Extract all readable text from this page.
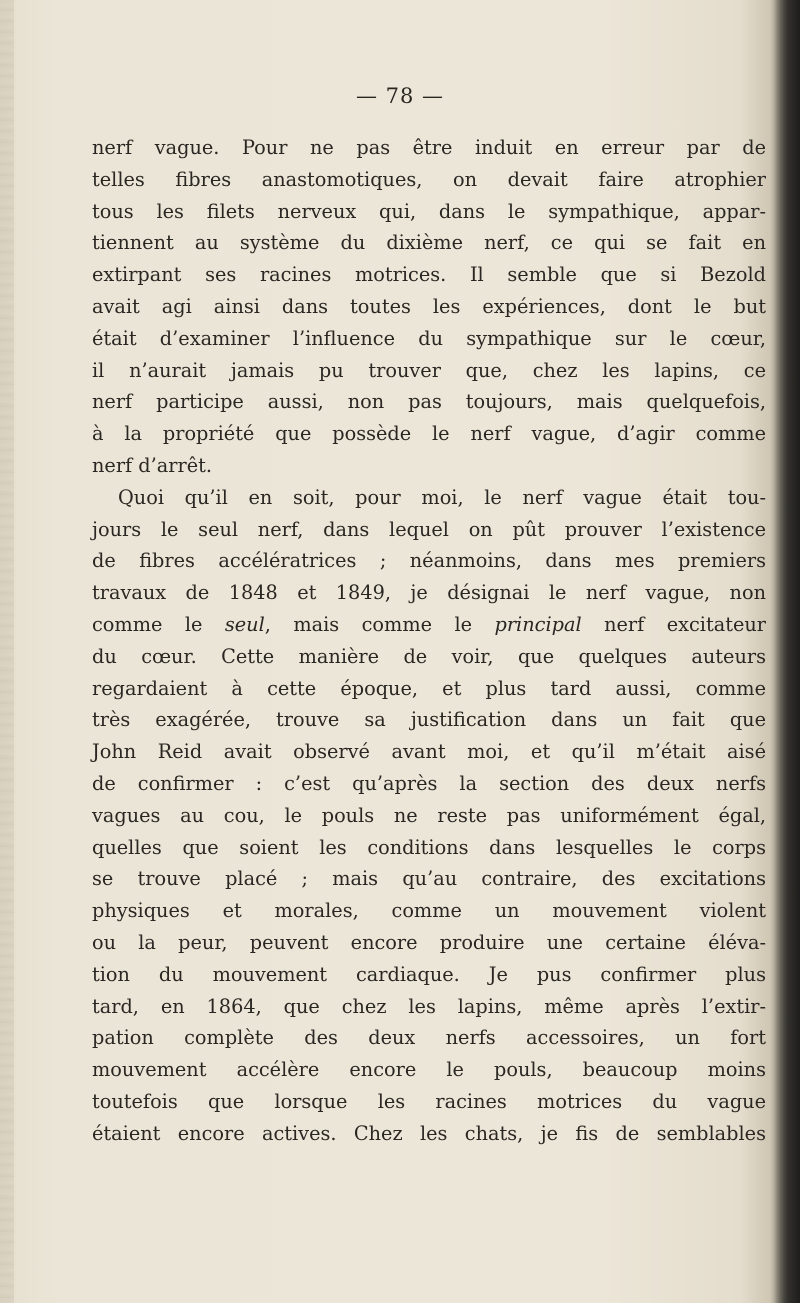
— 78 —
nerf vague. Pour ne pas être induit en erreur par de
telles fibres anastomotiques, on devait faire atrophier
tous les filets nerveux qui, dans le sympathique, appar-
tiennent au système du dixième nerf, ce qui se fait en
extirpant ses racines motrices. Il semble que si Bezold
avait agi ainsi dans toutes les expériences, dont le but
était d’examiner l’influence du sympathique sur le cœur,
il n’aurait jamais pu trouver que, chez les lapins, ce
nerf participe aussi, non pas toujours, mais quelquefois,
à la propriété que possède le nerf vague, d’agir comme
nerf d’arrêt.
Quoi qu’il en soit, pour moi, le nerf vague était tou-
jours le seul nerf, dans lequel on pût prouver l’existence
de fibres accélératrices ; néanmoins, dans mes premiers
travaux de 1848 et 1849, je désignai le nerf vague, non
comme le seul, mais comme le principal nerf excitateur
du cœur. Cette manière de voir, que quelques auteurs
regardaient à cette époque, et plus tard aussi, comme
très exagérée, trouve sa justification dans un fait que
John Reid avait observé avant moi, et qu’il m’était aisé
de confirmer : c’est qu’après la section des deux nerfs
vagues au cou, le pouls ne reste pas uniformément égal,
quelles que soient les conditions dans lesquelles le corps
se trouve placé ; mais qu’au contraire, des excitations
physiques et morales, comme un mouvement violent
ou la peur, peuvent encore produire une certaine éléva-
tion du mouvement cardiaque. Je pus confirmer plus
tard, en 1864, que chez les lapins, même après l’extir-
pation complète des deux nerfs accessoires, un fort
mouvement accélère encore le pouls, beaucoup moins
toutefois que lorsque les racines motrices du vague
étaient encore actives. Chez les chats, je fis de semblables
